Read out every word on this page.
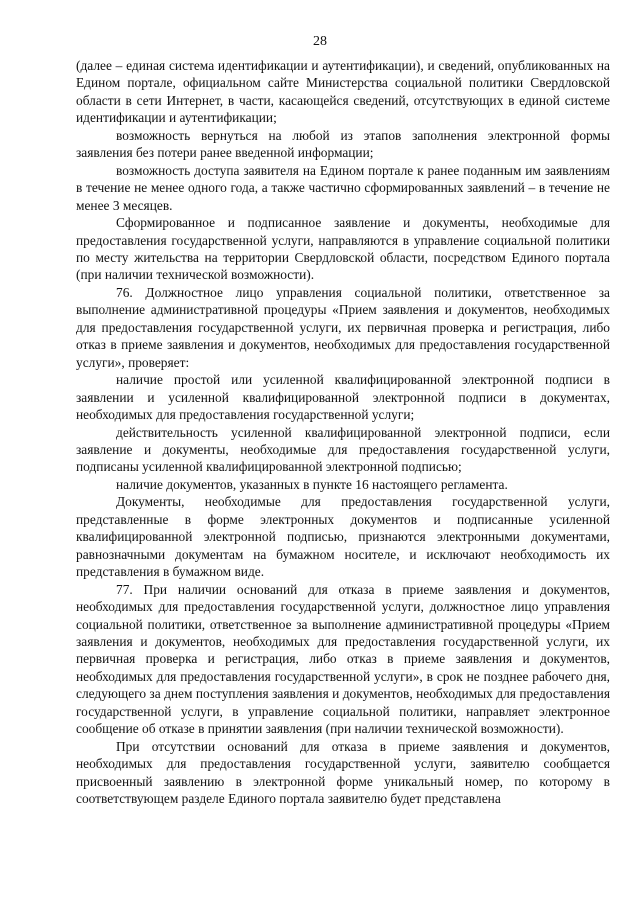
28

(далее – единая система идентификации и аутентификации), и сведений, опубликованных на Едином портале, официальном сайте Министерства социальной политики Свердловской области в сети Интернет, в части, касающейся сведений, отсутствующих в единой системе идентификации и аутентификации;

возможность вернуться на любой из этапов заполнения электронной формы заявления без потери ранее введенной информации;

возможность доступа заявителя на Едином портале к ранее поданным им заявлениям в течение не менее одного года, а также частично сформированных заявлений – в течение не менее 3 месяцев.

Сформированное и подписанное заявление и документы, необходимые для предоставления государственной услуги, направляются в управление социальной политики по месту жительства на территории Свердловской области, посредством Единого портала (при наличии технической возможности).

76. Должностное лицо управления социальной политики, ответственное за выполнение административной процедуры «Прием заявления и документов, необходимых для предоставления государственной услуги, их первичная проверка и регистрация, либо отказ в приеме заявления и документов, необходимых для предоставления государственной услуги», проверяет:

наличие простой или усиленной квалифицированной электронной подписи в заявлении и усиленной квалифицированной электронной подписи в документах, необходимых для предоставления государственной услуги;

действительность усиленной квалифицированной электронной подписи, если заявление и документы, необходимые для предоставления государственной услуги, подписаны усиленной квалифицированной электронной подписью;

наличие документов, указанных в пункте 16 настоящего регламента.

Документы, необходимые для предоставления государственной услуги, представленные в форме электронных документов и подписанные усиленной квалифицированной электронной подписью, признаются электронными документами, равнозначными документам на бумажном носителе, и исключают необходимость их представления в бумажном виде.

77. При наличии оснований для отказа в приеме заявления и документов, необходимых для предоставления государственной услуги, должностное лицо управления социальной политики, ответственное за выполнение административной процедуры «Прием заявления и документов, необходимых для предоставления государственной услуги, их первичная проверка и регистрация, либо отказ в приеме заявления и документов, необходимых для предоставления государственной услуги», в срок не позднее рабочего дня, следующего за днем поступления заявления и документов, необходимых для предоставления государственной услуги, в управление социальной политики, направляет электронное сообщение об отказе в принятии заявления (при наличии технической возможности).

При отсутствии оснований для отказа в приеме заявления и документов, необходимых для предоставления государственной услуги, заявителю сообщается присвоенный заявлению в электронной форме уникальный номер, по которому в соответствующем разделе Единого портала заявителю будет представлена
